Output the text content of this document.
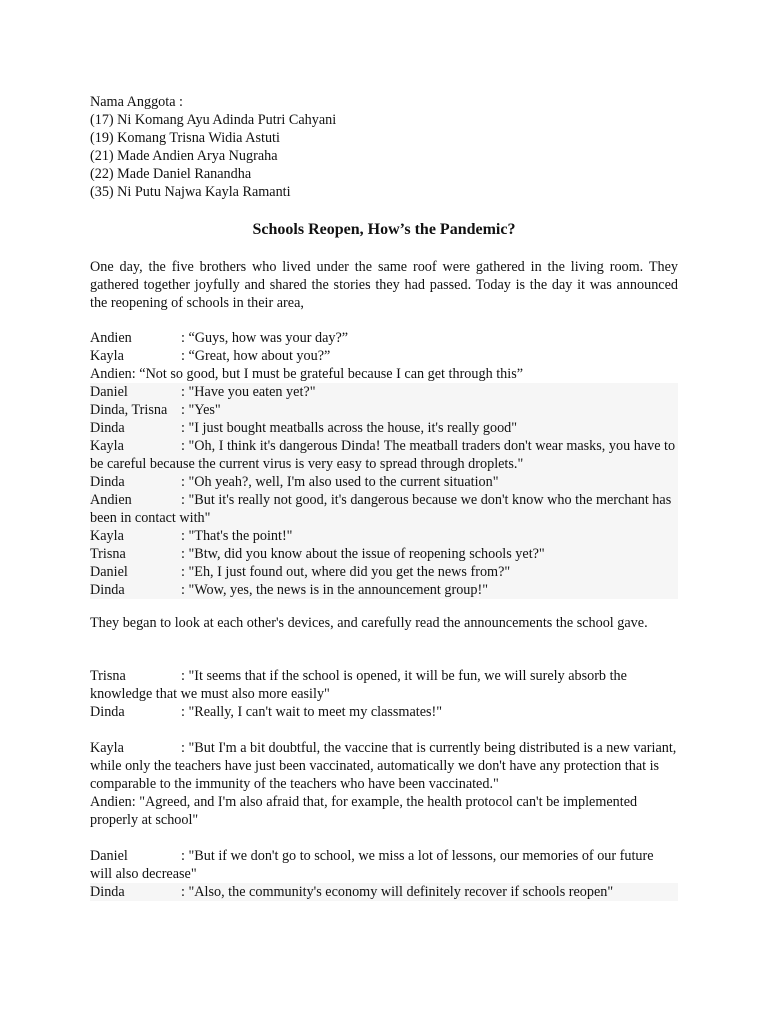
Nama Anggota :
(17) Ni Komang Ayu Adinda Putri Cahyani
(19) Komang Trisna Widia Astuti
(21) Made Andien Arya Nugraha
(22) Made Daniel Ranandha
(35) Ni Putu Najwa Kayla Ramanti
Schools Reopen, How’s the Pandemic?

One day, the five brothers who lived under the same roof were gathered in the living room. They gathered together joyfully and shared the stories they had passed. Today is the day it was announced the reopening of schools in their area,

Andien	: “Guys, how was your day?”
Kayla	: “Great, how about you?”
Andien: “Not so good, but I must be grateful because I can get through this”
Daniel	: "Have you eaten yet?"
Dinda, Trisna : "Yes"
Dinda	: "I just bought meatballs across the house, it's really good"
Kayla	: "Oh, I think it's dangerous Dinda! The meatball traders don't wear masks, you have to be careful because the current virus is very easy to spread through droplets."
Dinda	: "Oh yeah?, well, I'm also used to the current situation"
Andien	: "But it's really not good, it's dangerous because we don't know who the merchant has been in contact with"
Kayla	: "That's the point!"
Trisna	: "Btw, did you know about the issue of reopening schools yet?"
Daniel	: "Eh, I just found out, where did you get the news from?"
Dinda	: "Wow, yes, the news is in the announcement group!"

They began to look at each other's devices, and carefully read the announcements the school gave.

Trisna	: "It seems that if the school is opened, it will be fun, we will surely absorb the knowledge that we must also more easily"
Dinda	: "Really, I can't wait to meet my classmates!"
Kayla	: "But I'm a bit doubtful, the vaccine that is currently being distributed is a new variant, while only the teachers have just been vaccinated, automatically we don't have any protection that is comparable to the immunity of the teachers who have been vaccinated."
Andien: "Agreed, and I'm also afraid that, for example, the health protocol can't be implemented properly at school"
Daniel	: "But if we don't go to school, we miss a lot of lessons, our memories of our future will also decrease"
Dinda	: "Also, the community's economy will definitely recover if schools reopen"
